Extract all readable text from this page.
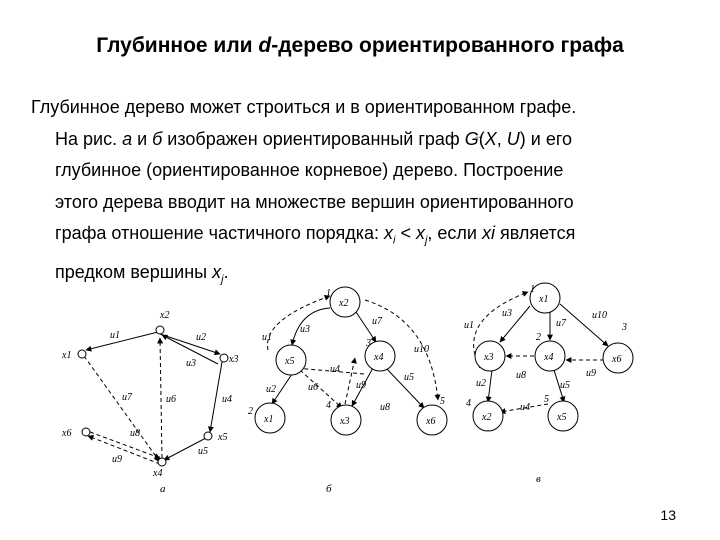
Глубинное или d-дерево ориентированного графа
Глубинное дерево может строиться и в ориентированном графе.
На рис. а и б изображен ориентированный граф G →(X, U) и его
глубинное (ориентированное корневое) дерево. Построение
этого дерева вводит на множестве вершин ориентированного
графа отношение частичного порядка: $x_i < x_j$, если xi является
предком вершины $x_j$.
x2
x1	x3
x6	x5
x4
u1	u2
u3
u7
u8
u4
u6
u9
u5
а
x2
x5	x4
x1	x3	x6
u1
u3
u7
u10
u4
u5
u9
u8
u2	u6
1
2
3
4	5
б
x1
x3	x4	x6
x2	x5
u3
u7
u10
u1
u8
u5
u2
u9
u4
1
2
3
4	5
в
13
